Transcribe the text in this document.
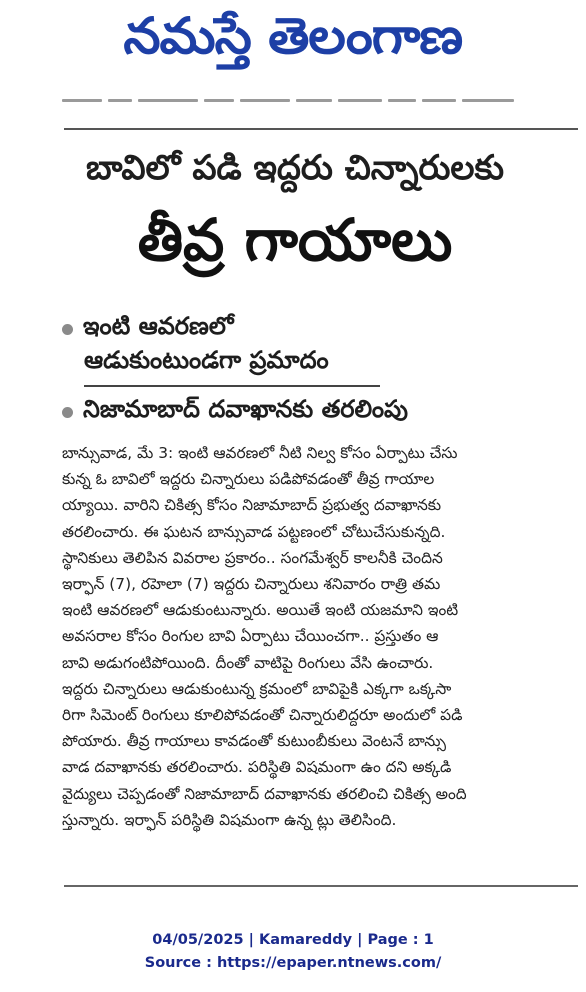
నమస్తే తెలంగాణ
బావిలో పడి ఇద్దరు చిన్నారులకు
తీవ్ర గాయాలు
ఇంటి ఆవరణలో
ఆడుకుంటుండగా ప్రమాదం
నిజామాబాద్ దవాఖానకు తరలింపు
బాన్సువాడ, మే 3: ఇంటి ఆవరణలో నీటి నిల్వ కోసం ఏర్పాటు చేసు
కున్న ఓ బావిలో ఇద్దరు చిన్నారులు పడిపోవడంతో తీవ్ర గాయాల
య్యాయి. వారిని చికిత్స కోసం నిజామాబాద్ ప్రభుత్వ దవాఖానకు
తరలించారు. ఈ ఘటన బాన్సువాడ పట్టణంలో చోటుచేసుకున్నది.
స్థానికులు తెలిపిన వివరాల ప్రకారం.. సంగమేశ్వర్ కాలనీకి చెందిన
ఇర్ఫాన్ (7), రహెలా (7) ఇద్దరు చిన్నారులు శనివారం రాత్రి తమ
ఇంటి ఆవరణలో ఆడుకుంటున్నారు. అయితే ఇంటి యజమాని ఇంటి
అవసరాల కోసం రింగుల బావి ఏర్పాటు చేయించగా.. ప్రస్తుతం ఆ
బావి అడుగంటిపోయింది. దీంతో వాటిపై రింగులు వేసి ఉంచారు.
ఇద్దరు చిన్నారులు ఆడుకుంటున్న క్రమంలో బావిపైకి ఎక్కగా ఒక్కసా
రిగా సిమెంట్ రింగులు కూలిపోవడంతో చిన్నారులిద్దరూ అందులో పడి
పోయారు. తీవ్ర గాయాలు కావడంతో కుటుంబీకులు వెంటనే బాన్సు
వాడ దవాఖానకు తరలించారు. పరిస్థితి విషమంగా ఉం దని అక్కడి
వైద్యులు చెప్పడంతో నిజామాబాద్ దవాఖానకు తరలించి చికిత్స అంది
స్తున్నారు. ఇర్ఫాన్ పరిస్థితి విషమంగా ఉన్న ట్లు తెలిసింది.
04/05/2025 | Kamareddy | Page : 1
Source : https://epaper.ntnews.com/
